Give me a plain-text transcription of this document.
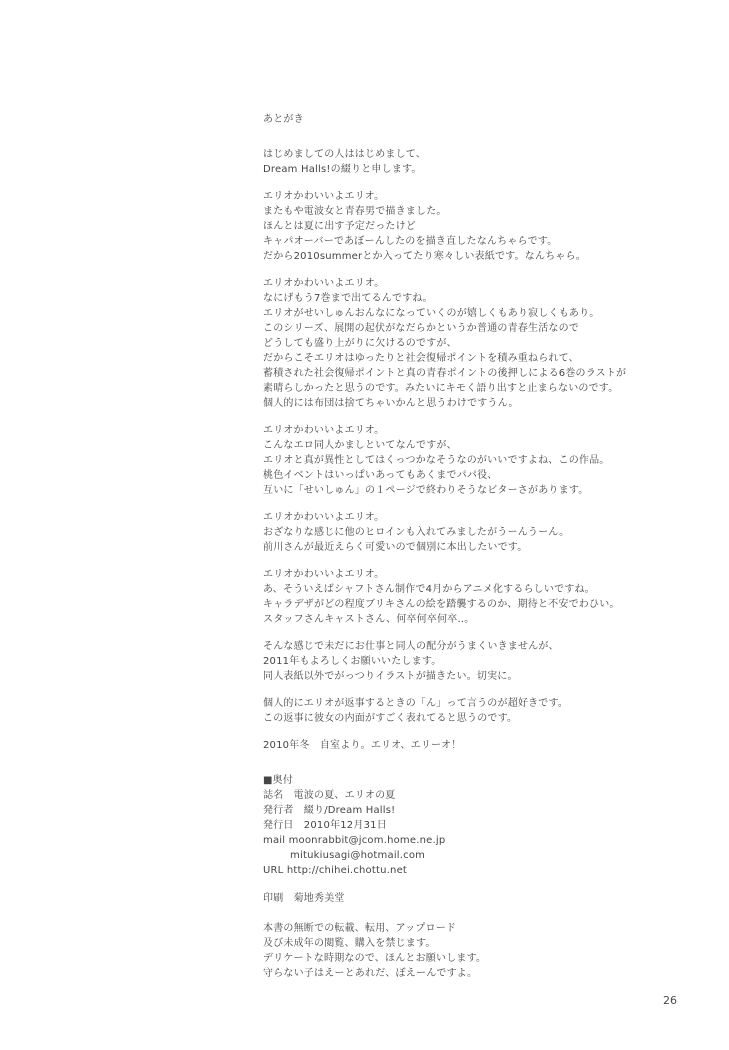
あとがき
はじめましての人ははじめまして、
Dream Halls!の綴りと申します。
エリオかわいいよエリオ。
またもや電波女と青春男で描きました。
ほんとは夏に出す予定だったけど
キャパオーバーであぼーんしたのを描き直したなんちゃらです。
だから2010summerとか入ってたり寒々しい表紙です。なんちゃら。
エリオかわいいよエリオ。
なにげもう7巻まで出てるんですね。
エリオがせいしゅんおんなになっていくのが嬉しくもあり寂しくもあり。
このシリーズ、展開の起伏がなだらかというか普通の青春生活なので
どうしても盛り上がりに欠けるのですが、
だからこそエリオはゆったりと社会復帰ポイントを積み重ねられて、
蓄積された社会復帰ポイントと真の青春ポイントの後押しによる6巻のラストが
素晴らしかったと思うのです。みたいにキモく語り出すと止まらないのです。
個人的には布団は捨てちゃいかんと思うわけですうん。
エリオかわいいよエリオ。
こんなエロ同人かましといてなんですが、
エリオと真が異性としてはくっつかなそうなのがいいですよね、この作品。
桃色イベントはいっぱいあってもあくまでパパ役、
互いに「せいしゅん」の１ページで終わりそうなビターさがあります。
エリオかわいいよエリオ。
おざなりな感じに他のヒロインも入れてみましたがうーんうーん。
前川さんが最近えらく可愛いので個別に本出したいです。
エリオかわいいよエリオ。
あ、そういえばシャフトさん制作で4月からアニメ化するらしいですね。
キャラデザがどの程度ブリキさんの絵を踏襲するのか、期待と不安でわひい。
スタッフさんキャストさん、何卒何卒何卒‥。
そんな感じで未だにお仕事と同人の配分がうまくいきませんが、
2011年もよろしくお願いいたします。
同人表紙以外でがっつりイラストが描きたい。切実に。
個人的にエリオが返事するときの「ん」って言うのが超好きです。
この返事に彼女の内面がすごく表れてると思うのです。
2010年冬　自室より。エリオ、エリーオ！
■奥付
誌名　電波の夏、エリオの夏
発行者　綴り/Dream Halls!
発行日　2010年12月31日
mail moonrabbit@jcom.home.ne.jp
mitukiusagi@hotmail.com
URL http://chihei.chottu.net
印刷　菊地秀美堂
本書の無断での転載、転用、アップロード
及び未成年の閲覧、購入を禁じます。
デリケートな時期なので、ほんとお願いします。
守らない子はえーとあれだ、ぼえーんですよ。
26
